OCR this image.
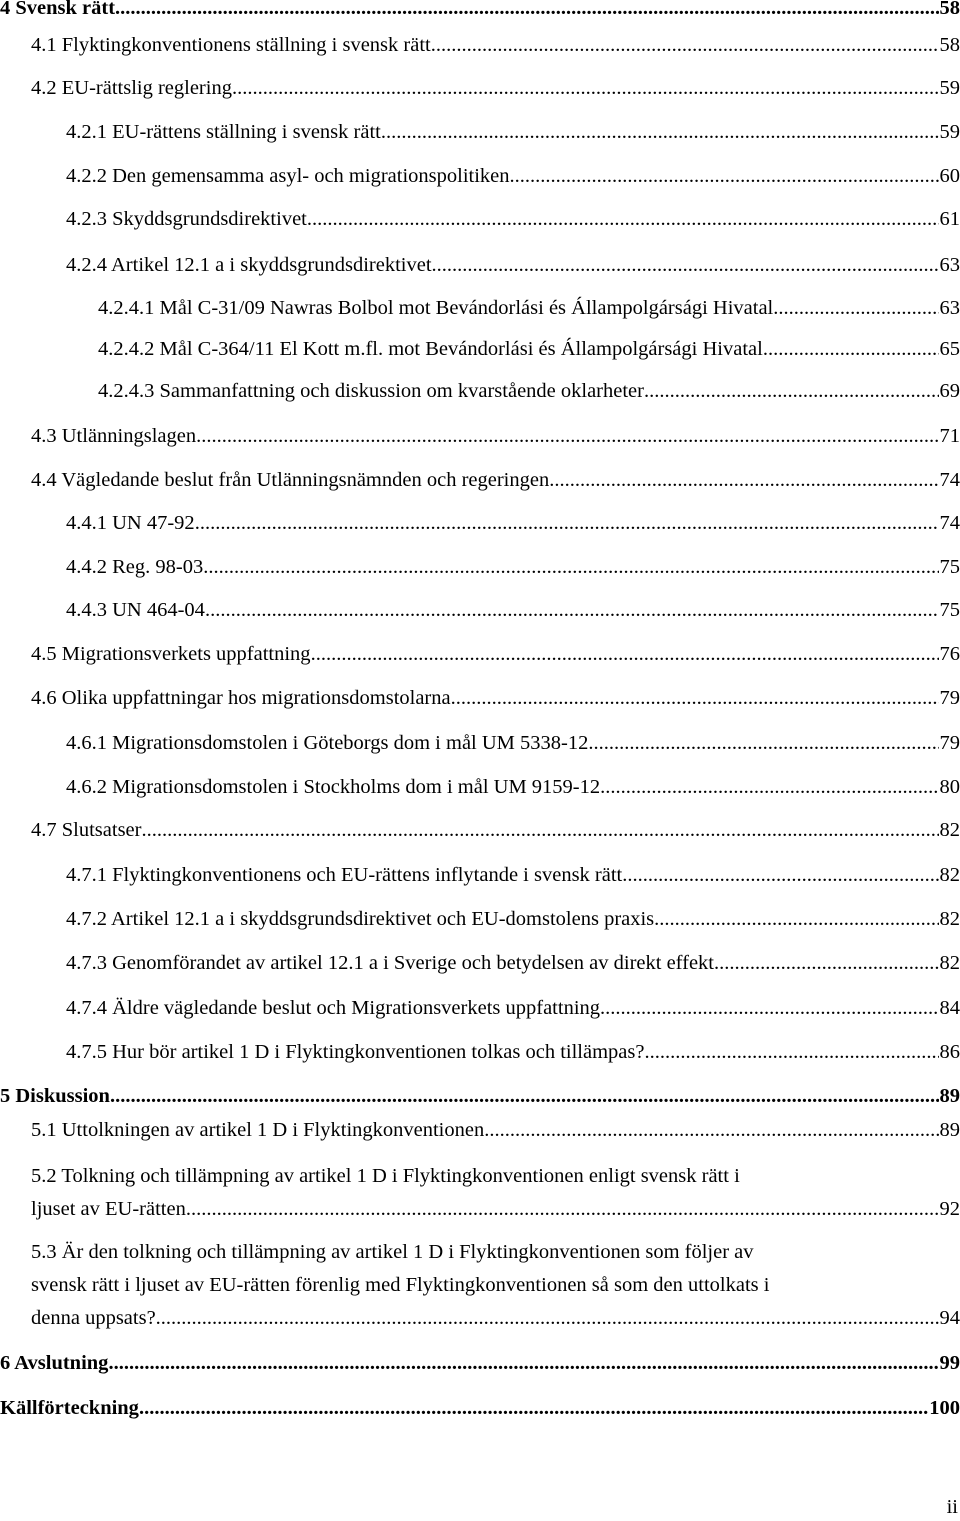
4 Svensk rätt .....	58
4.1 Flyktingkonventionens ställning i svensk rätt .....	58
4.2 EU-rättslig reglering .....	59
4.2.1 EU-rättens ställning i svensk rätt .....	59
4.2.2 Den gemensamma asyl- och migrationspolitiken .....	60
4.2.3 Skyddsgrundsdirektivet .....	61
4.2.4 Artikel 12.1 a i skyddsgrundsdirektivet .....	63
4.2.4.1 Mål C-31/09 Nawras Bolbol mot Bevándorlási és Állampolgársági Hivatal .....	63
4.2.4.2 Mål C-364/11 El Kott m.fl. mot Bevándorlási és Állampolgársági Hivatal .....	65
4.2.4.3 Sammanfattning och diskussion om kvarstående oklarheter .....	69
4.3 Utlänningslagen .....	71
4.4 Vägledande beslut från Utlänningsnämnden och regeringen .....	74
4.4.1 UN 47-92 .....	74
4.4.2 Reg. 98-03 .....	75
4.4.3 UN 464-04 .....	75
4.5 Migrationsverkets uppfattning .....	76
4.6 Olika uppfattningar hos migrationsdomstolarna .....	79
4.6.1 Migrationsdomstolen i Göteborgs dom i mål UM 5338-12 .....	79
4.6.2 Migrationsdomstolen i Stockholms dom i mål UM 9159-12 .....	80
4.7 Slutsatser .....	82
4.7.1 Flyktingkonventionens och EU-rättens inflytande i svensk rätt .....	82
4.7.2 Artikel 12.1 a i skyddsgrundsdirektivet och EU-domstolens praxis .....	82
4.7.3 Genomförandet av artikel 12.1 a i Sverige och betydelsen av direkt effekt .....	82
4.7.4 Äldre vägledande beslut och Migrationsverkets uppfattning .....	84
4.7.5 Hur bör artikel 1 D i Flyktingkonventionen tolkas och tillämpas? .....	86
5 Diskussion .....	89
5.1 Uttolkningen av artikel 1 D i Flyktingkonventionen .....	89
5.2 Tolkning och tillämpning av artikel 1 D i Flyktingkonventionen enligt svensk rätt i
ljuset av EU-rätten .....	92
5.3 Är den tolkning och tillämpning av artikel 1 D i Flyktingkonventionen som följer av
svensk rätt i ljuset av EU-rätten förenlig med Flyktingkonventionen så som den uttolkats i
denna uppsats? .....	94
6 Avslutning .....	99
Källförteckning .....	100
ii
